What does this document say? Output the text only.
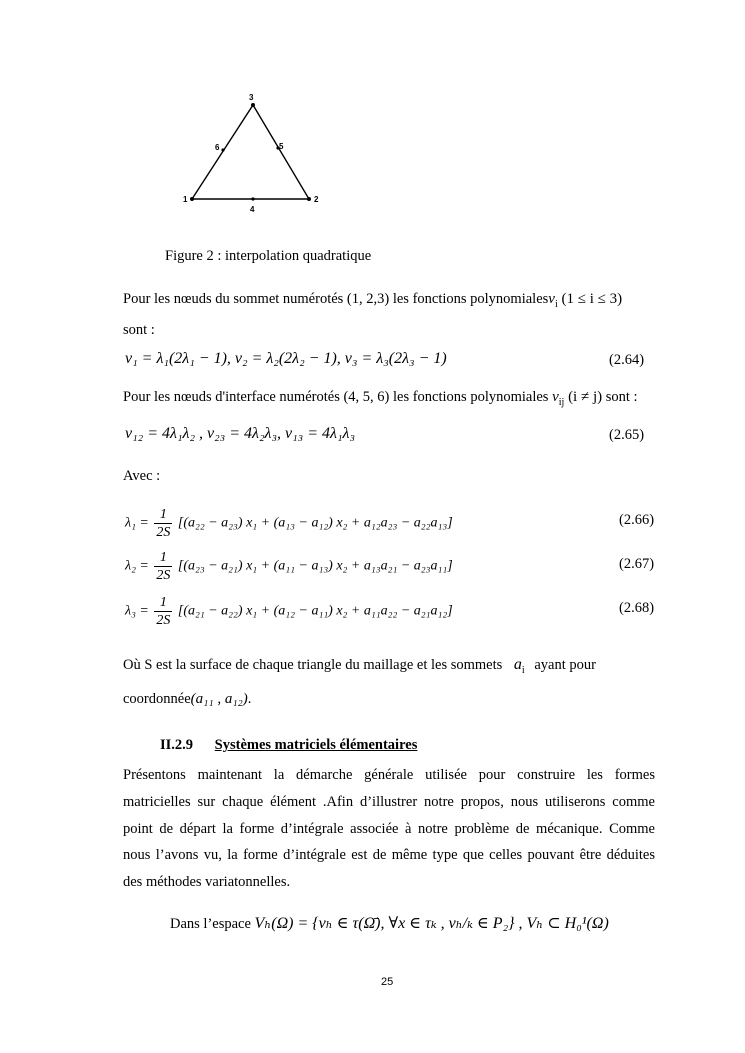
3
6	5
1	2
4
Figure 2 : interpolation quadratique
Pour les nœuds du sommet numérotés (1, 2,3) les fonctions polynomialesv$_i$ (1 ≤ i ≤ 3)
sont :
v₁ = λ₁(2λ₁ − 1), v₂ = λ₂(2λ₂ − 1), v₃ = λ₃(2λ₃ − 1)	(2.64)
Pour les nœuds d'interface numérotés (4, 5, 6) les fonctions polynomiales $v_{ij}$ (i ≠ j) sont :
v₁₂ = 4λ₁λ₂ , v₂₃ = 4λ₂λ₃, v₁₃ = 4λ₁λ₃	(2.65)
Avec :
$\lambda_1 = \frac{1}{2S} [(a_{22} - a_{23}) x_1 + (a_{13} - a_{12}) x_2 + a_{12}a_{23} - a_{22}a_{13}]$	(2.66)
$\lambda_2 = \frac{1}{2S} [(a_{23} - a_{21}) x_1 + (a_{11} - a_{13}) x_2 + a_{13}a_{21} - a_{23}a_{11}]$	(2.67)
$\lambda_3 = \frac{1}{2S} [(a_{21} - a_{22}) x_1 + (a_{12} - a_{11}) x_2 + a_{11}a_{22} - a_{21}a_{12}]$	(2.68)
Où S est la surface de chaque triangle du maillage et les sommets $a_i$ ayant pour
coordonnée(a₁₁ , a₁₂).
II.2.9 Systèmes matriciels élémentaires
Présentons maintenant la démarche générale utilisée pour construire les formes
matricielles sur chaque élément .Afin d’illustrer notre propos, nous utiliserons comme
point de départ la forme d’intégrale associée à notre problème de mécanique. Comme
nous l’avons vu, la forme d’intégrale est de même type que celles pouvant être déduites
des méthodes variatonnelles.
Dans l’espace Vₕ(Ω) = {vₕ ∈ τ(Ω̄), ∀x ∈ τₖ , vₕ/ₖ ∈ P₂} , Vₕ ⊂ H₀¹(Ω)
25
